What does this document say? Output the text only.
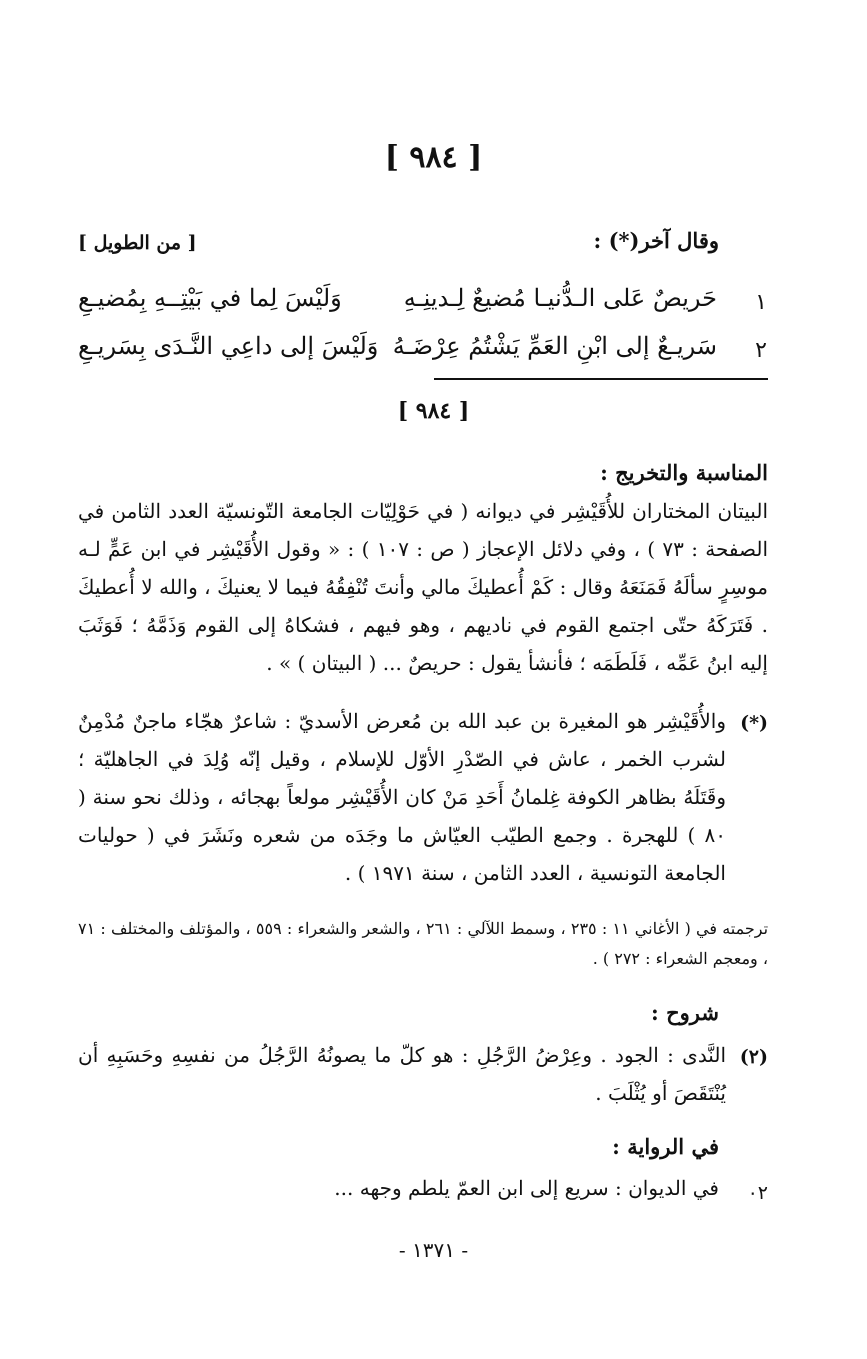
[ ٩٨٤ ]
وقال آخر(*) :
[ من الطويل ]
١
حَريصٌ عَلى الـدُّنيـا مُضيعٌ لِـدينِـهِ
وَلَيْسَ لِما في بَيْتِــهِ بِمُضيـعِ
٢
سَريـعٌ إلى ابْنِ العَمِّ يَشْتُمُ عِرْضَـهُ
وَلَيْسَ إلى داعِي النَّـدَى بِسَريـعِ
[ ٩٨٤ ]
المناسبة والتخريج :
البيتان المختاران للأُقَيْشِر في ديوانه ( في حَوْلِيّات الجامعة التّونسيّة العدد الثامن في الصفحة : ٧٣ ) ، وفي دلائل الإعجاز ( ص : ١٠٧ ) : « وقول الأُقَيْشِر في ابن عَمٍّ لـه موسِرٍ سألَهُ فَمَنَعَهُ وقال : كَمْ أُعطيكَ مالي وأنتَ تُنْفِقُهُ فيما لا يعنيكَ ، والله لا أُعطيكَ . فَتَرَكَهُ حتّى اجتمع القوم في ناديهم ، وهو فيهم ، فشكاهُ إلى القوم وَذَمَّهُ ؛ فَوَثَبَ إليه ابنُ عَمِّه ، فَلَطَمَه ؛ فأنشأ يقول : حريصٌ ... ( البيتان ) » .
(*)
والأُقَيْشِر هو المغيرة بن عبد الله بن مُعرض الأسديّ : شاعرٌ هجّاء ماجنٌ مُدْمِنٌ لشرب الخمر ، عاش في الصّدْرِ الأوّل للإسلام ، وقيل إنّه وُلِدَ في الجاهليّة ؛ وقَتَلَهُ بظاهر الكوفة غِلمانُ أَحَدِ مَنْ كان الأُقَيْشِر مولعاً بهجائه ، وذلك نحو سنة ( ٨٠ ) للهجرة . وجمع الطيّب العيّاش ما وجَدَه من شعره ونَشَرَ في ( حوليات الجامعة التونسية ، العدد الثامن ، سنة ١٩٧١ ) .
ترجمته في ( الأغاني ١١ : ٢٣٥ ، وسمط اللآلي : ٢٦١ ، والشعر والشعراء : ٥٥٩ ، والمؤتلف والمختلف : ٧١ ، ومعجم الشعراء : ٢٧٢ ) .
شروح :
(٢)
النَّدى : الجود . وعِرْضُ الرَّجُلِ : هو كلّ ما يصونُهُ الرَّجُلُ من نفسِهِ وحَسَبِهِ أن يُنْتَقَصَ أو يُثْلَبَ .
في الرواية :
٠٢
في الديوان : سريع إلى ابن العمّ يلطم وجهه ...
- ١٣٧١ -
